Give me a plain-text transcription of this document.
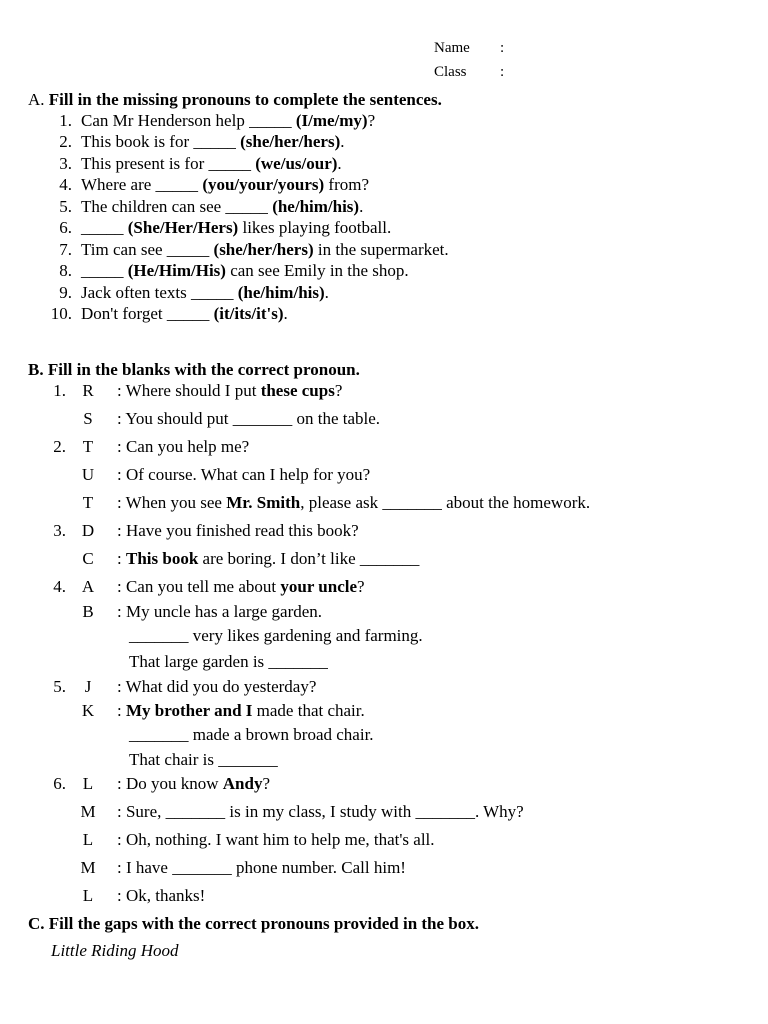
Name :
Class :
A. Fill in the missing pronouns to complete the sentences.
1. Can Mr Henderson help _____ (I/me/my)?
2. This book is for _____ (she/her/hers).
3. This present is for _____ (we/us/our).
4. Where are _____ (you/your/yours) from?
5. The children can see _____ (he/him/his).
6. _____ (She/Her/Hers) likes playing football.
7. Tim can see _____ (she/her/hers) in the supermarket.
8. _____ (He/Him/His) can see Emily in the shop.
9. Jack often texts _____ (he/him/his).
10. Don't forget _____ (it/its/it's).
B. Fill in the blanks with the correct pronoun.
1. R : Where should I put these cups?
S	: You should put _______ on the table.
2. T : Can you help me?
U : Of course. What can I help for you?
T : When you see Mr. Smith, please ask _______ about the homework.
3. D : Have you finished read this book?
C : This book are boring. I don’t like _______
4. A : Can you tell me about your uncle?
B : My uncle has a large garden.
_______ very likes gardening and farming.
That large garden is _______
5.	J	: What did you do yesterday?
K : My brother and I made that chair.
_______ made a brown broad chair.
That chair is _______
6. L : Do you know Andy?
M : Sure, _______ is in my class, I study with _______. Why?
L : Oh, nothing. I want him to help me, that's all.
M : I have _______ phone number. Call him!
L : Ok, thanks!
C. Fill the gaps with the correct pronouns provided in the box.
Little Riding Hood
